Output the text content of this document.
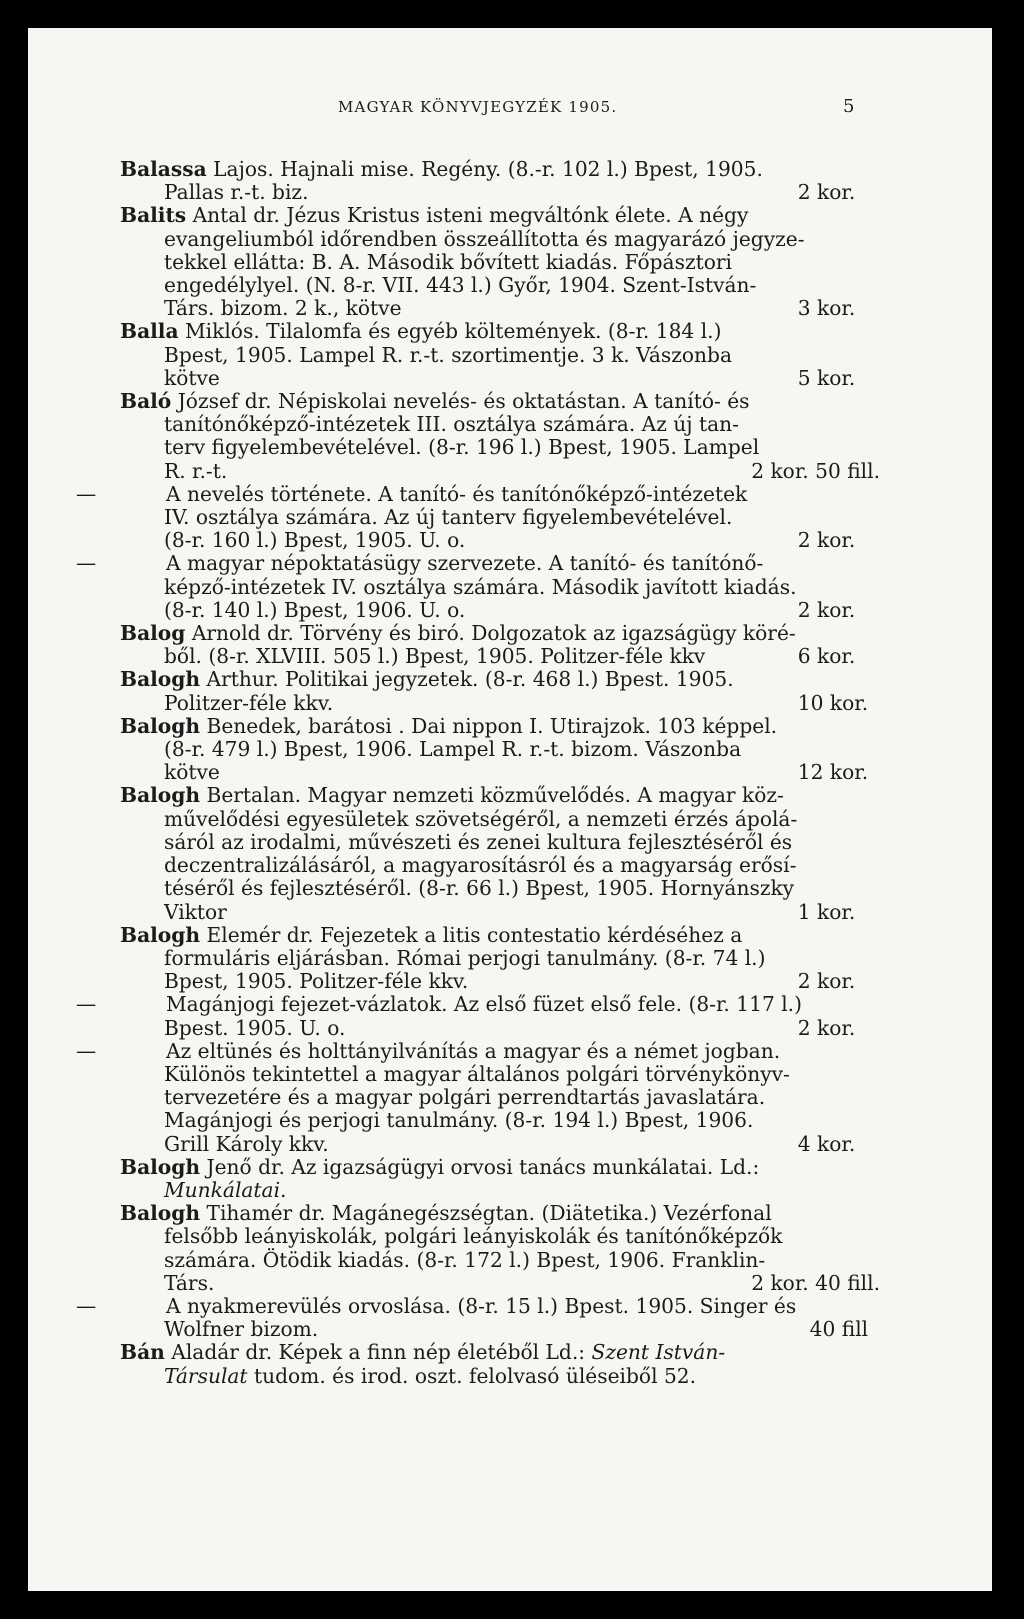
MAGYAR KÖNYVJEGYZÉK 1905.	5

Balassa Lajos. Hajnali mise. Regény. (8.-r. 102 l.) Bpest, 1905.
Pallas r.-t. biz.	2 kor.

Balits Antal dr. Jézus Kristus isteni megváltónk élete. A négy
evangeliumból időrendben összeállította és magyarázó jegyze-
tekkel ellátta: B. A. Második bővített kiadás. Főpásztori
engedélylyel. (N. 8-r. VII. 443 l.) Győr, 1904. Szent-István-
Társ. bizom. 2 k., kötve	3 kor.

Balla Miklós. Tilalomfa és egyéb költemények. (8-r. 184 l.)
Bpest, 1905. Lampel R. r.-t. szortimentje. 3 k. Vászonba
kötve	5 kor.

Baló József dr. Népiskolai nevelés- és oktatástan. A tanító- és
tanítónőképző-intézetek III. osztálya számára. Az új tan-
terv figyelembevételével. (8-r. 196 l.) Bpest, 1905. Lampel
R. r.-t.	2 kor. 50 fill.

—	A nevelés története. A tanító- és tanítónőképző-intézetek
IV. osztálya számára. Az új tanterv figyelembevételével.
(8-r. 160 l.) Bpest, 1905. U. o.	2 kor.

—	A magyar népoktatásügy szervezete. A tanító- és tanítónő-
képző-intézetek IV. osztálya számára. Második javított kiadás.
(8-r. 140 l.) Bpest, 1906. U. o.	2 kor.

Balog Arnold dr. Törvény és biró. Dolgozatok az igazságügy köré-
ből. (8-r. XLVIII. 505 l.) Bpest, 1905. Politzer-féle kkv	6 kor.

Balogh Arthur. Politikai jegyzetek. (8-r. 468 l.) Bpest. 1905.
Politzer-féle kkv.	10 kor.

Balogh Benedek, barátosi . Dai nippon I. Utirajzok. 103 képpel.
(8-r. 479 l.) Bpest, 1906. Lampel R. r.-t. bizom. Vászonba
kötve	12 kor.

Balogh Bertalan. Magyar nemzeti közművelődés. A magyar köz-
művelődési egyesületek szövetségéről, a nemzeti érzés ápolá-
sáról az irodalmi, művészeti és zenei kultura fejlesztéséről és
deczentralizálásáról, a magyarosításról és a magyarság erősí-
téséről és fejlesztéséről. (8-r. 66 l.) Bpest, 1905. Hornyánszky
Viktor	1 kor.

Balogh Elemér dr. Fejezetek a litis contestatio kérdéséhez a
formuláris eljárásban. Római perjogi tanulmány. (8-r. 74 l.)
Bpest, 1905. Politzer-féle kkv.	2 kor.

—	Magánjogi fejezet-vázlatok. Az első füzet első fele. (8-r. 117 l.)
Bpest. 1905. U. o.	2 kor.

—	Az eltünés és holttányilvánítás a magyar és a német jogban.
Különös tekintettel a magyar általános polgári törvénykönyv-
tervezetére és a magyar polgári perrendtartás javaslatára.
Magánjogi és perjogi tanulmány. (8-r. 194 l.) Bpest, 1906.
Grill Károly kkv.	4 kor.

Balogh Jenő dr. Az igazságügyi orvosi tanács munkálatai. Ld.:
Munkálatai.

Balogh Tihamér dr. Magánegészségtan. (Diätetika.) Vezérfonal
felsőbb leányiskolák, polgári leányiskolák és tanítónőképzők
számára. Ötödik kiadás. (8-r. 172 l.) Bpest, 1906. Franklin-
Társ.	2 kor. 40 fill.

—	A nyakmerevülés orvoslása. (8-r. 15 l.) Bpest. 1905. Singer és
Wolfner bizom.	40 fill

Bán Aladár dr. Képek a finn nép életéből Ld.: Szent István-
Társulat tudom. és irod. oszt. felolvasó üléseiből 52.
